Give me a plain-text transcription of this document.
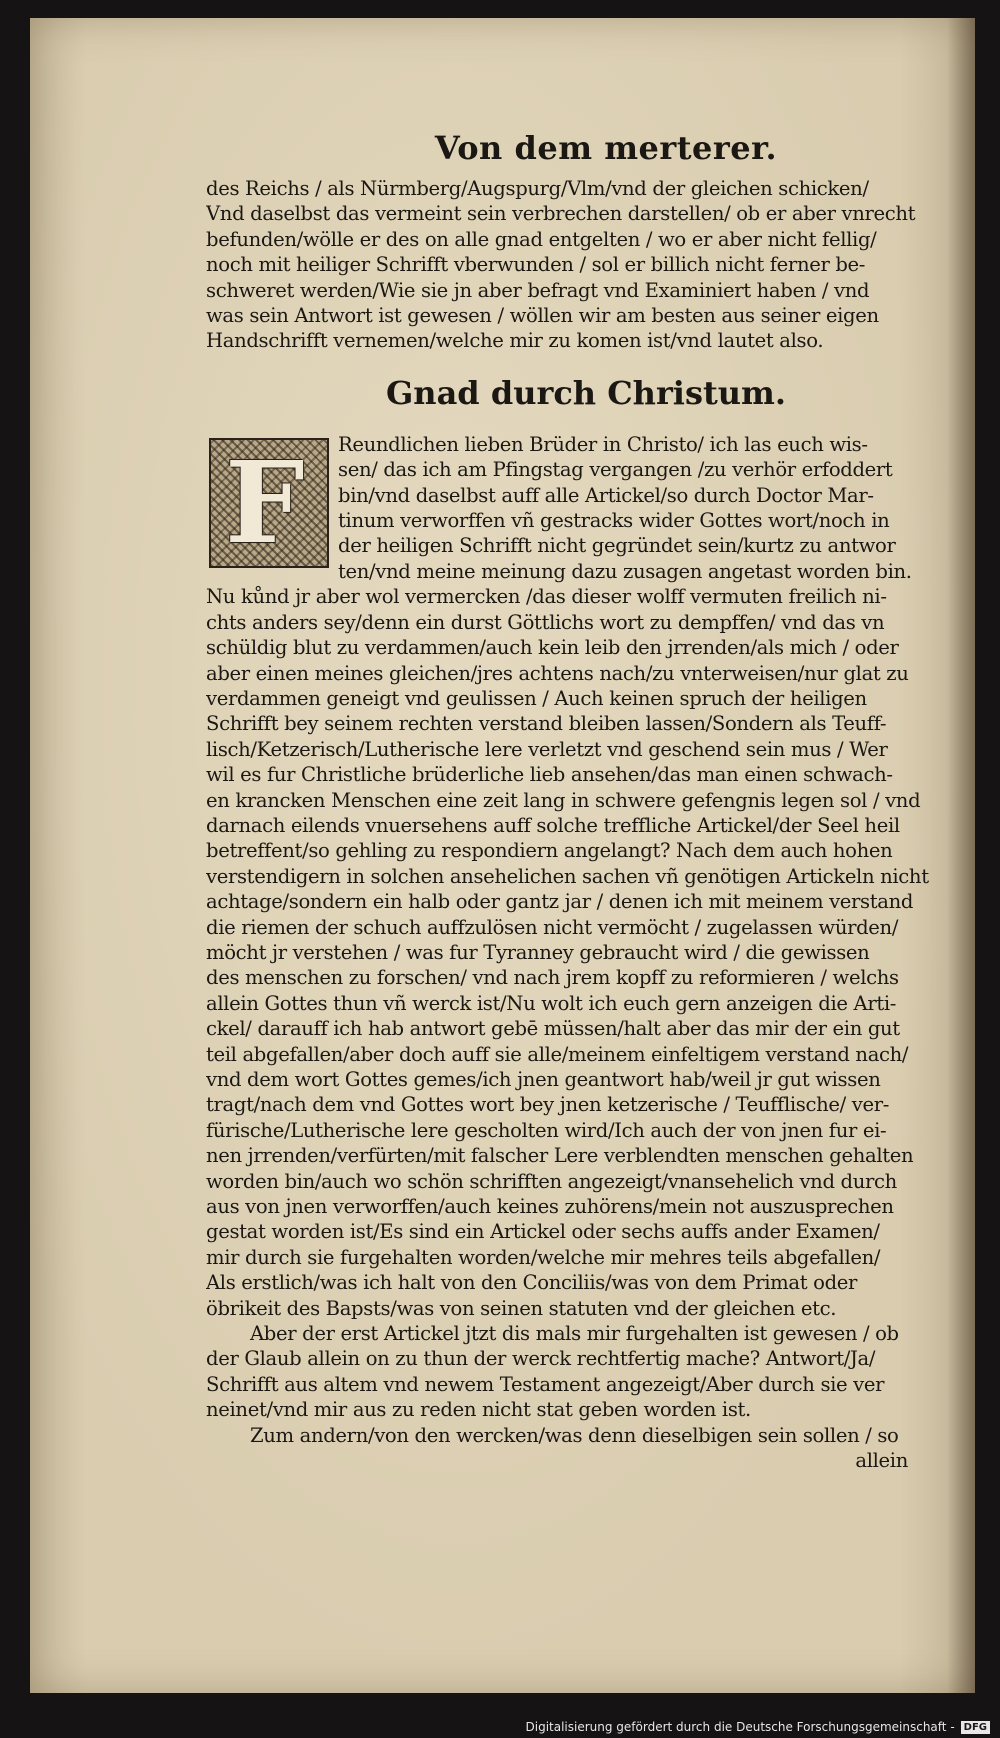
Von dem merterer.
des Reichs / als Nürmberg/Augspurg/Vlm/vnd der gleichen schicken/
Vnd daselbst das vermeint sein verbrechen darstellen/ ob er aber vnrecht
befunden/wölle er des on alle gnad entgelten / wo er aber nicht fellig/
noch mit heiliger Schrifft vberwunden / sol er billich nicht ferner be-
schweret werden/Wie sie jn aber befragt vnd Examiniert haben / vnd
was sein Antwort ist gewesen / wöllen wir am besten aus seiner eigen
Handschrifft vernemen/welche mir zu komen ist/vnd lautet also.
Gnad durch Christum.
F	Reundlichen lieben Brüder in Christo/ ich las euch wis-
sen/ das ich am Pfingstag vergangen /zu verhör erfoddert
bin/vnd daselbst auff alle Artickel/so durch Doctor Mar-
tinum verworffen vñ gestracks wider Gottes wort/noch in
der heiligen Schrifft nicht gegründet sein/kurtz zu antwor
ten/vnd meine meinung dazu zusagen angetast worden bin.
Nu kůnd jr aber wol vermercken /das dieser wolff vermuten freilich ni-
chts anders sey/denn ein durst Göttlichs wort zu dempffen/ vnd das vn
schüldig blut zu verdammen/auch kein leib den jrrenden/als mich / oder
aber einen meines gleichen/jres achtens nach/zu vnterweisen/nur glat zu
verdammen geneigt vnd geulissen / Auch keinen spruch der heiligen
Schrifft bey seinem rechten verstand bleiben lassen/Sondern als Teuff-
lisch/Ketzerisch/Lutherische lere verletzt vnd geschend sein mus / Wer
wil es fur Christliche brüderliche lieb ansehen/das man einen schwach-
en krancken Menschen eine zeit lang in schwere gefengnis legen sol / vnd
darnach eilends vnuersehens auff solche treffliche Artickel/der Seel heil
betreffent/so gehling zu respondiern angelangt? Nach dem auch hohen
verstendigern in solchen ansehelichen sachen vñ genötigen Artickeln nicht
achtage/sondern ein halb oder gantz jar / denen ich mit meinem verstand
die riemen der schuch auffzulösen nicht vermöcht / zugelassen würden/
möcht jr verstehen / was fur Tyranney gebraucht wird / die gewissen
des menschen zu forschen/ vnd nach jrem kopff zu reformieren / welchs
allein Gottes thun vñ werck ist/Nu wolt ich euch gern anzeigen die Arti-
ckel/ darauff ich hab antwort gebē müssen/halt aber das mir der ein gut
teil abgefallen/aber doch auff sie alle/meinem einfeltigem verstand nach/
vnd dem wort Gottes gemes/ich jnen geantwort hab/weil jr gut wissen
tragt/nach dem vnd Gottes wort bey jnen ketzerische / Teufflische/ ver-
fürische/Lutherische lere gescholten wird/Ich auch der von jnen fur ei-
nen jrrenden/verfürten/mit falscher Lere verblendten menschen gehalten
worden bin/auch wo schön schrifften angezeigt/vnansehelich vnd durch
aus von jnen verworffen/auch keines zuhörens/mein not auszusprechen
gestat worden ist/Es sind ein Artickel oder sechs auffs ander Examen/
mir durch sie furgehalten worden/welche mir mehres teils abgefallen/
Als erstlich/was ich halt von den Conciliis/was von dem Primat oder
öbrikeit des Bapsts/was von seinen statuten vnd der gleichen etc.
Aber der erst Artickel jtzt dis mals mir furgehalten ist gewesen / ob
der Glaub allein on zu thun der werck rechtfertig mache? Antwort/Ja/
Schrifft aus altem vnd newem Testament angezeigt/Aber durch sie ver
neinet/vnd mir aus zu reden nicht stat geben worden ist.
Zum andern/von den wercken/was denn dieselbigen sein sollen / so
allein
Digitalisierung gefördert durch die Deutsche Forschungsgemeinschaft - DFG
